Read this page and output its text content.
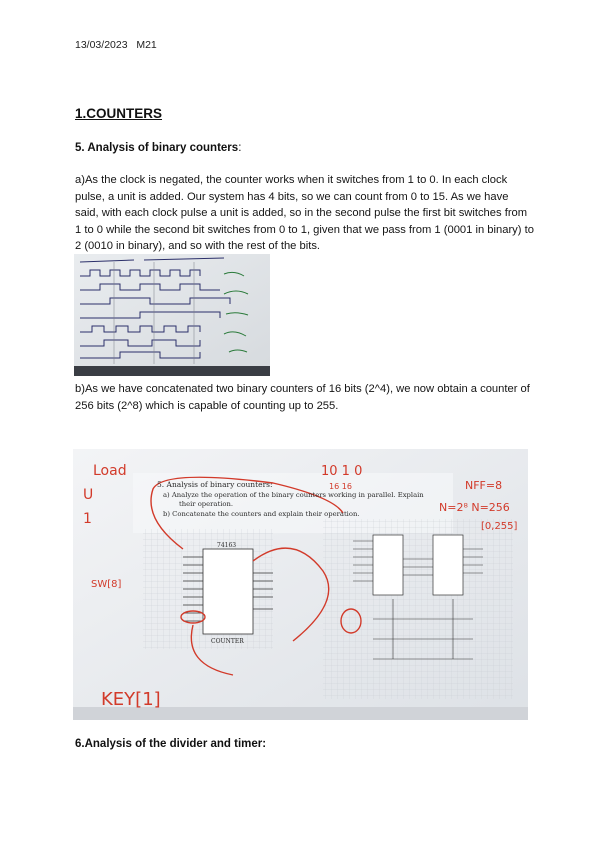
13/03/2023 M21
1.COUNTERS
5. Analysis of binary counters:
a)As the clock is negated, the counter works when it switches from 1 to 0. In each clock pulse, a unit is added. Our system has 4 bits, so we can count from 0 to 15. As we have said, with each clock pulse a unit is added, so in the second pulse the first bit switches from 1 to 0 while the second bit switches from 0 to 1, given that we pass from 1 (0001 in binary) to 2 (0010 in binary), and so with the rest of the bits.
b)As we have concatenated two binary counters of 16 bits (2^4), we now obtain a counter of 256 bits (2^8) which is capable of counting up to 255.
Load
U
1
SW[8]
KEY[1]
10 1 0
16 16	NFF=8
N=2⁸ N=256
[0,255]
5. Analysis of binary counters:
a) Analyze the operation of the binary counters working in parallel. Explain
their operation.
b) Concatenate the counters and explain their operation.
74163
COUNTER
6.Analysis of the divider and timer:
